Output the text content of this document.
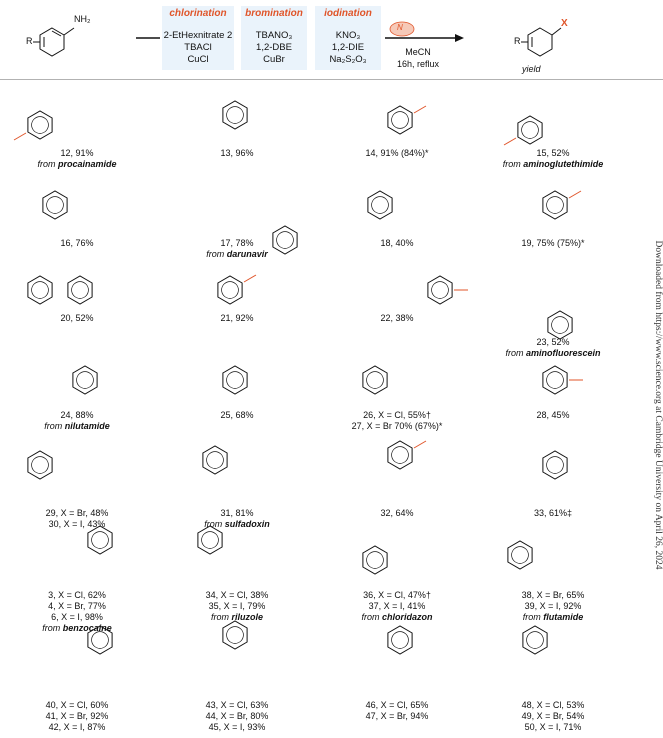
NH₂
R
chlorination
2-EtHexnitrate 2
TBACl
CuCl
bromination
TBANO₃
1,2-DBE
CuBr
iodination
KNO₃
1,2-DIE
Na₂S₂O₃
N
MeCN
16h, reflux
R
X
yield
12, 91%
from procainamide
13, 96%	14, 91% (84%)*	15, 52%
from aminoglutethimide
16, 76%	17, 78%
from darunavir
18, 40%	19, 75% (75%)*
20, 52%	21, 92%	22, 38%
23, 52%
from aminofluorescein
24, 88%
from nilutamide
25, 68%	26, X = Cl, 55%†
27, X = Br 70% (67%)*
28, 45%
29, X = Br, 48%
30, X = I, 43%
31, 81%
from sulfadoxin
32, 64%	33, 61%‡
3, X = Cl, 62%
4, X = Br, 77%
6, X = I, 98%
from benzocaine
34, X = Cl, 38%
35, X = I, 79%
from riluzole
36, X = Cl, 47%†
37, X = I, 41%
from chloridazon
38, X = Br, 65%
39, X = I, 92%
from flutamide
40, X = Cl, 60%
41, X = Br, 92%
42, X = I, 87%
43, X = Cl, 63%
44, X = Br, 80%
45, X = I, 93%
46, X = Cl, 65%
47, X = Br, 94%
48, X = Cl, 53%
49, X = Br, 54%
50, X = I, 71%
Downloaded from https://www.science.org at Cambridge University on April 26, 2024
